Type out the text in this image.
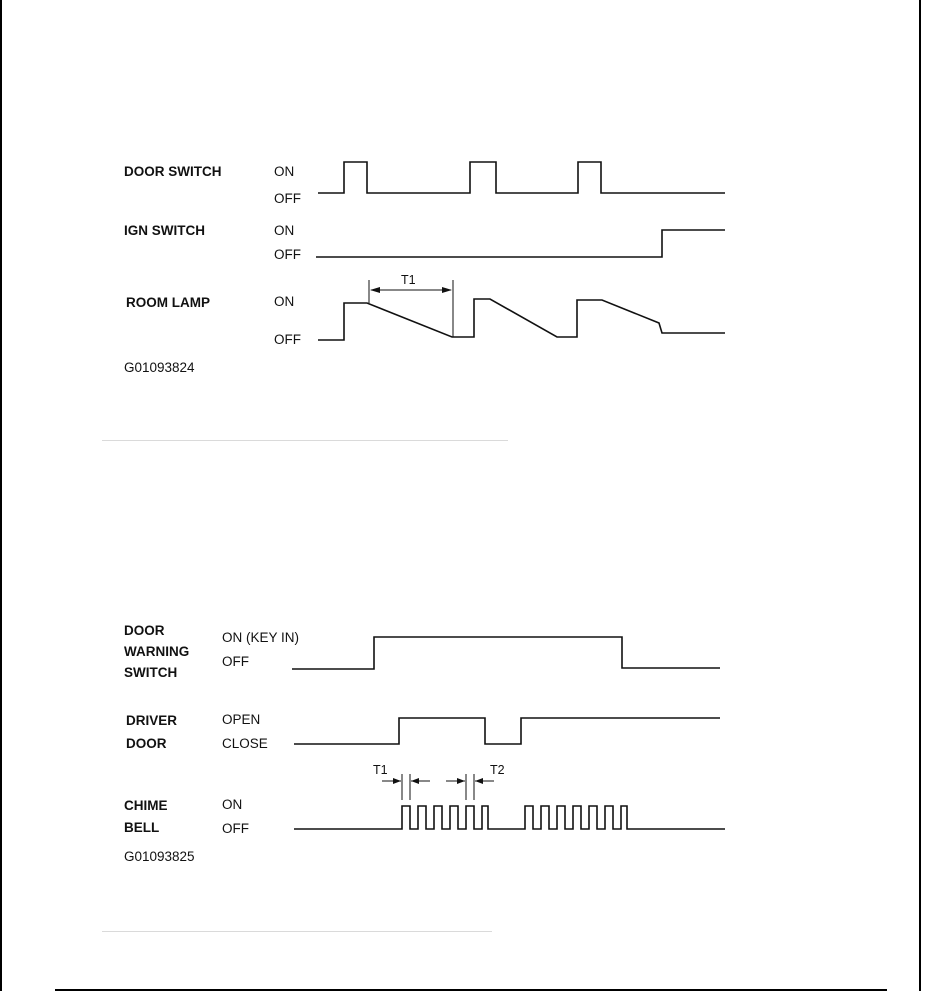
DOOR SWITCH	ON
OFF
IGN SWITCH	ON
OFF
ROOM LAMP	ON
OFF
T1
G01093824
DOOR
WARNING
SWITCH
ON (KEY IN)
OFF
DRIVER
DOOR
OPEN
CLOSE
CHIME
BELL
ON
OFF
T1	T2
G01093825
